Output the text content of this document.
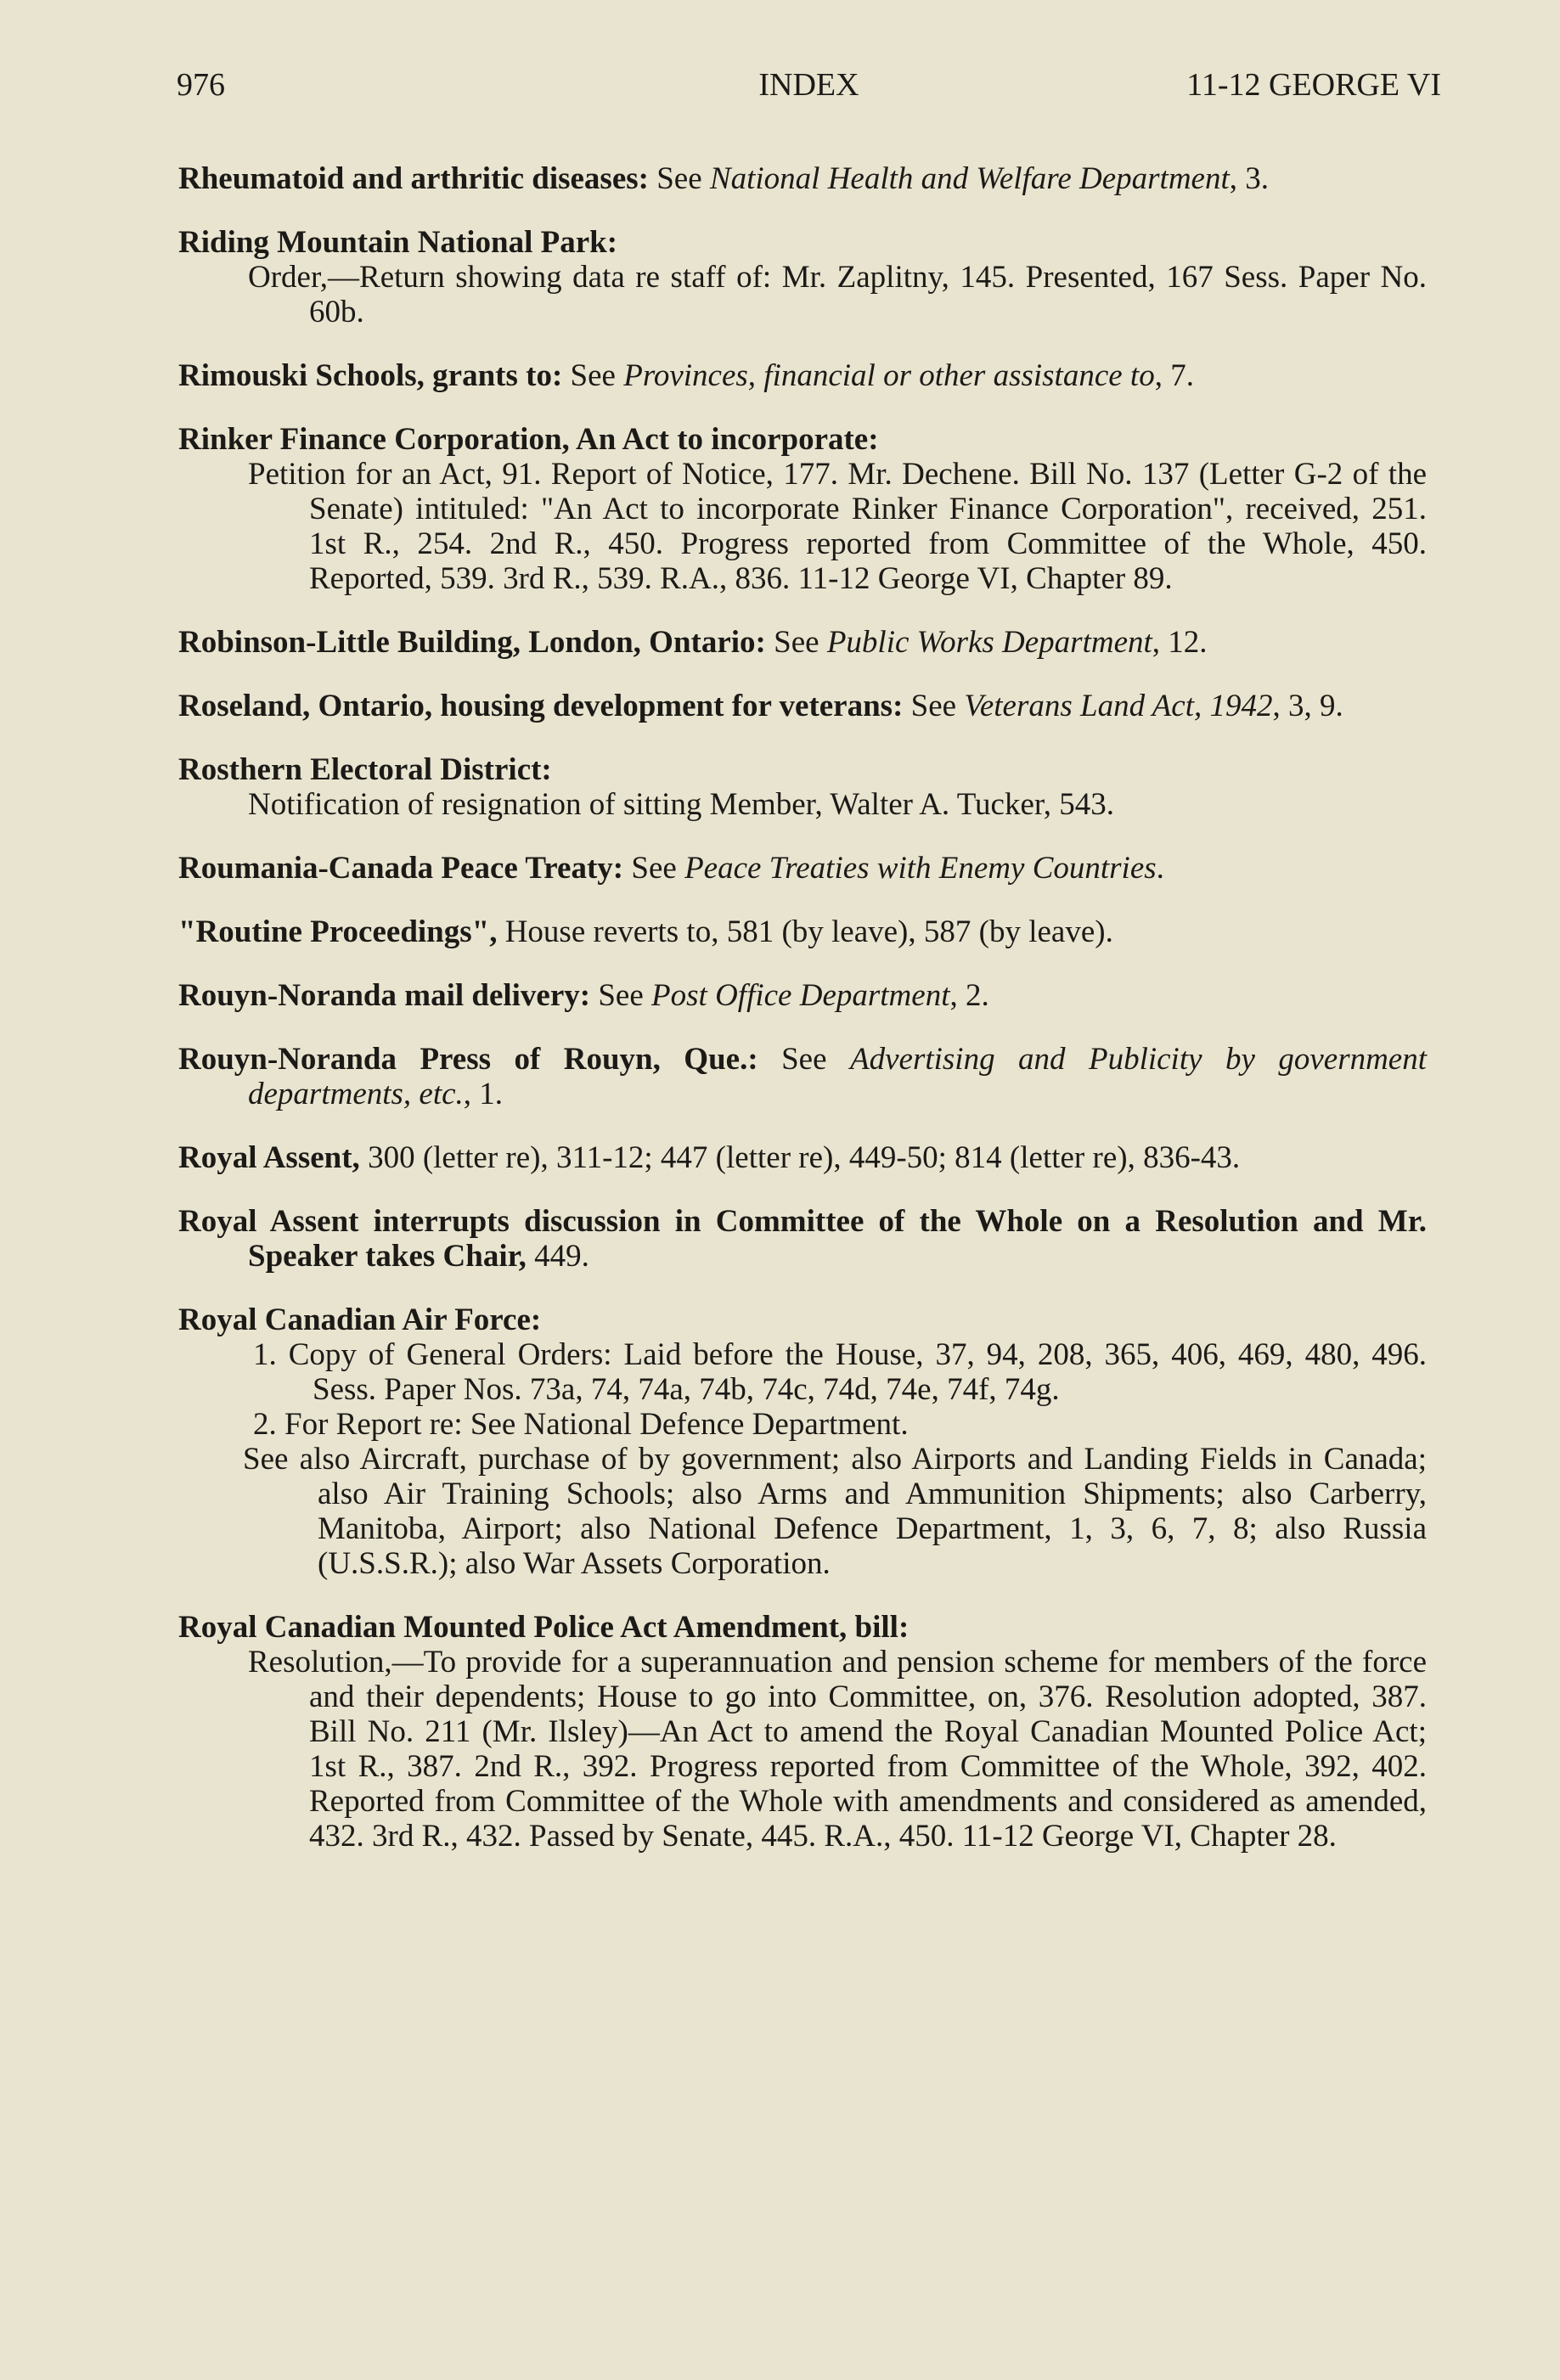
976	INDEX	11-12 GEORGE VI
Rheumatoid and arthritic diseases: See National Health and Welfare Department, 3.
Riding Mountain National Park:
Order,—Return showing data re staff of: Mr. Zaplitny, 145. Presented, 167 Sess. Paper No. 60b.
Rimouski Schools, grants to: See Provinces, financial or other assistance to, 7.
Rinker Finance Corporation, An Act to incorporate:
Petition for an Act, 91. Report of Notice, 177. Mr. Dechene. Bill No. 137 (Letter G-2 of the Senate) intituled: "An Act to incorporate Rinker Finance Corporation", received, 251. 1st R., 254. 2nd R., 450. Progress reported from Committee of the Whole, 450. Reported, 539. 3rd R., 539. R.A., 836. 11-12 George VI, Chapter 89.
Robinson-Little Building, London, Ontario: See Public Works Department, 12.
Roseland, Ontario, housing development for veterans: See Veterans Land Act, 1942, 3, 9.
Rosthern Electoral District:
Notification of resignation of sitting Member, Walter A. Tucker, 543.
Roumania-Canada Peace Treaty: See Peace Treaties with Enemy Countries.
"Routine Proceedings", House reverts to, 581 (by leave), 587 (by leave).
Rouyn-Noranda mail delivery: See Post Office Department, 2.
Rouyn-Noranda Press of Rouyn, Que.: See Advertising and Publicity by government departments, etc., 1.
Royal Assent, 300 (letter re), 311-12; 447 (letter re), 449-50; 814 (letter re), 836-43.
Royal Assent interrupts discussion in Committee of the Whole on a Resolution and Mr. Speaker takes Chair, 449.
Royal Canadian Air Force:
1. Copy of General Orders: Laid before the House, 37, 94, 208, 365, 406, 469, 480, 496. Sess. Paper Nos. 73a, 74, 74a, 74b, 74c, 74d, 74e, 74f, 74g.
2. For Report re: See National Defence Department.
See also Aircraft, purchase of by government; also Airports and Landing Fields in Canada; also Air Training Schools; also Arms and Ammunition Shipments; also Carberry, Manitoba, Airport; also National Defence Department, 1, 3, 6, 7, 8; also Russia (U.S.S.R.); also War Assets Corporation.
Royal Canadian Mounted Police Act Amendment, bill:
Resolution,—To provide for a superannuation and pension scheme for members of the force and their dependents; House to go into Committee, on, 376. Resolution adopted, 387. Bill No. 211 (Mr. Ilsley)—An Act to amend the Royal Canadian Mounted Police Act; 1st R., 387. 2nd R., 392. Progress reported from Committee of the Whole, 392, 402. Reported from Committee of the Whole with amendments and considered as amended, 432. 3rd R., 432. Passed by Senate, 445. R.A., 450. 11-12 George VI, Chapter 28.
